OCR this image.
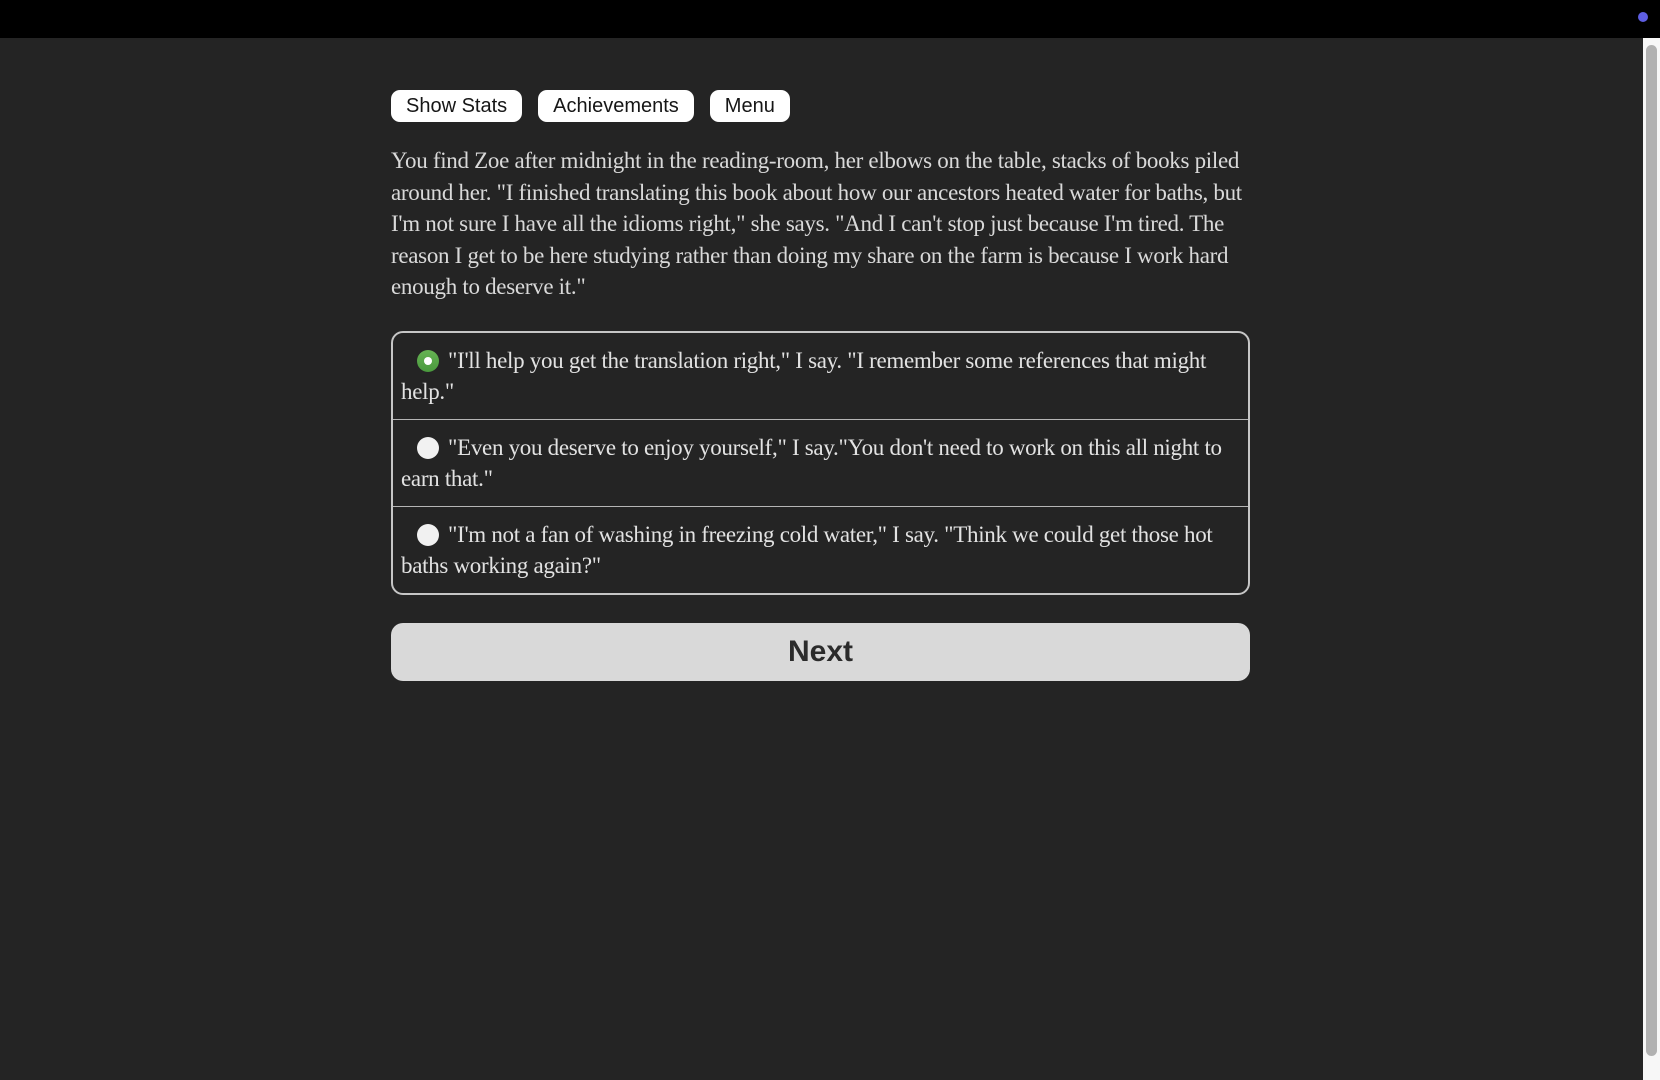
Show Stats	Achievements	Menu

You find Zoe after midnight in the reading-room, her elbows on the table, stacks of books piled around her. "I finished translating this book about how our ancestors heated water for baths, but I'm not sure I have all the idioms right," she says. "And I can't stop just because I'm tired. The reason I get to be here studying rather than doing my share on the farm is because I work hard enough to deserve it."

"I'll help you get the translation right," I say. "I remember some references that might help."
"Even you deserve to enjoy yourself," I say."You don't need to work on this all night to earn that."
"I'm not a fan of washing in freezing cold water," I say. "Think we could get those hot baths working again?"
Next
